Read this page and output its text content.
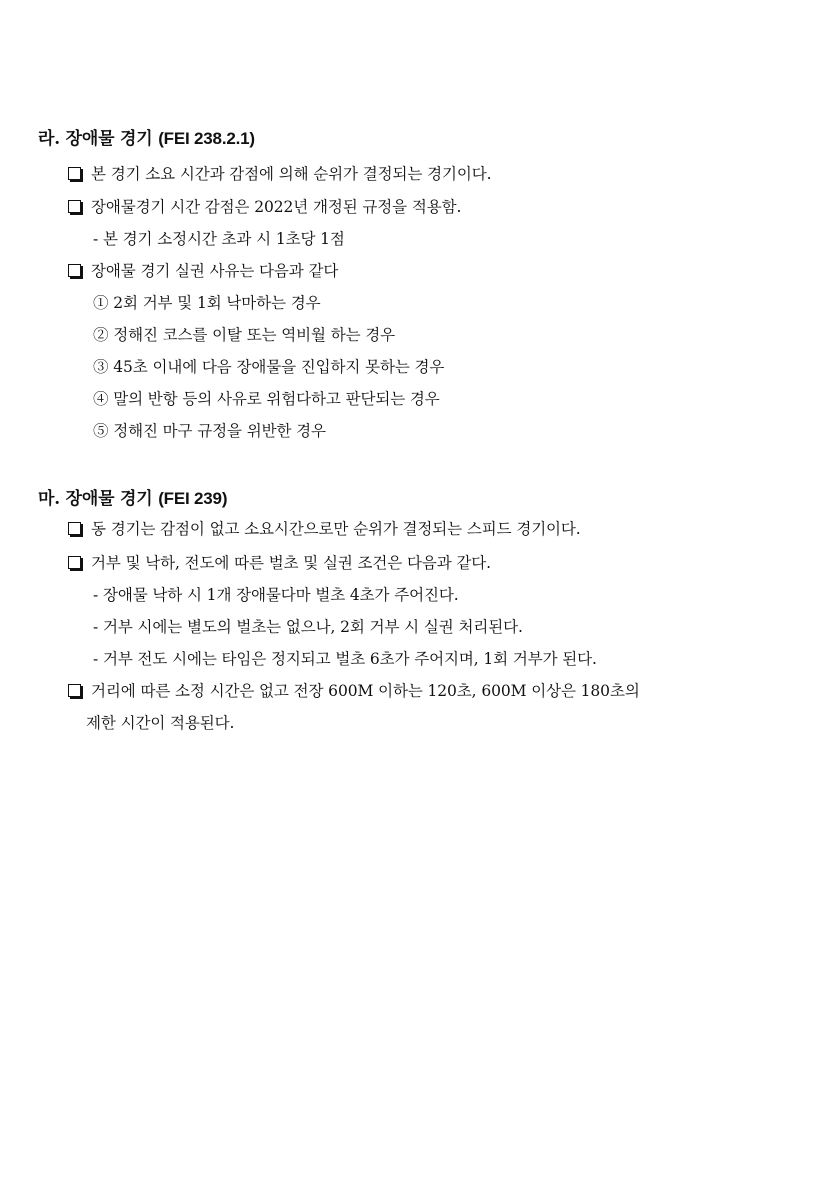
라. 장애물 경기 (FEI 238.2.1)
본 경기 소요 시간과 감점에 의해 순위가 결정되는 경기이다.
장애물경기 시간 감점은 2022년 개정된 규정을 적용함.
- 본 경기 소정시간 초과 시 1초당 1점
장애물 경기 실권 사유는 다음과 같다
① 2회 거부 및 1회 낙마하는 경우
② 정해진 코스를 이탈 또는 역비월 하는 경우
③ 45초 이내에 다음 장애물을 진입하지 못하는 경우
④ 말의 반항 등의 사유로 위험다하고 판단되는 경우
⑤ 정해진 마구 규정을 위반한 경우
마. 장애물 경기 (FEI 239)
동 경기는 감점이 없고 소요시간으로만 순위가 결정되는 스피드 경기이다.
거부 및 낙하, 전도에 따른 벌초 및 실권 조건은 다음과 같다.
- 장애물 낙하 시 1개 장애물다마 벌초 4초가 주어진다.
- 거부 시에는 별도의 벌초는 없으나, 2회 거부 시 실권 처리된다.
- 거부 전도 시에는 타임은 정지되고 벌초 6초가 주어지며, 1회 거부가 된다.
거리에 따른 소정 시간은 없고 전장 600M 이하는 120초, 600M 이상은 180초의
제한 시간이 적용된다.
